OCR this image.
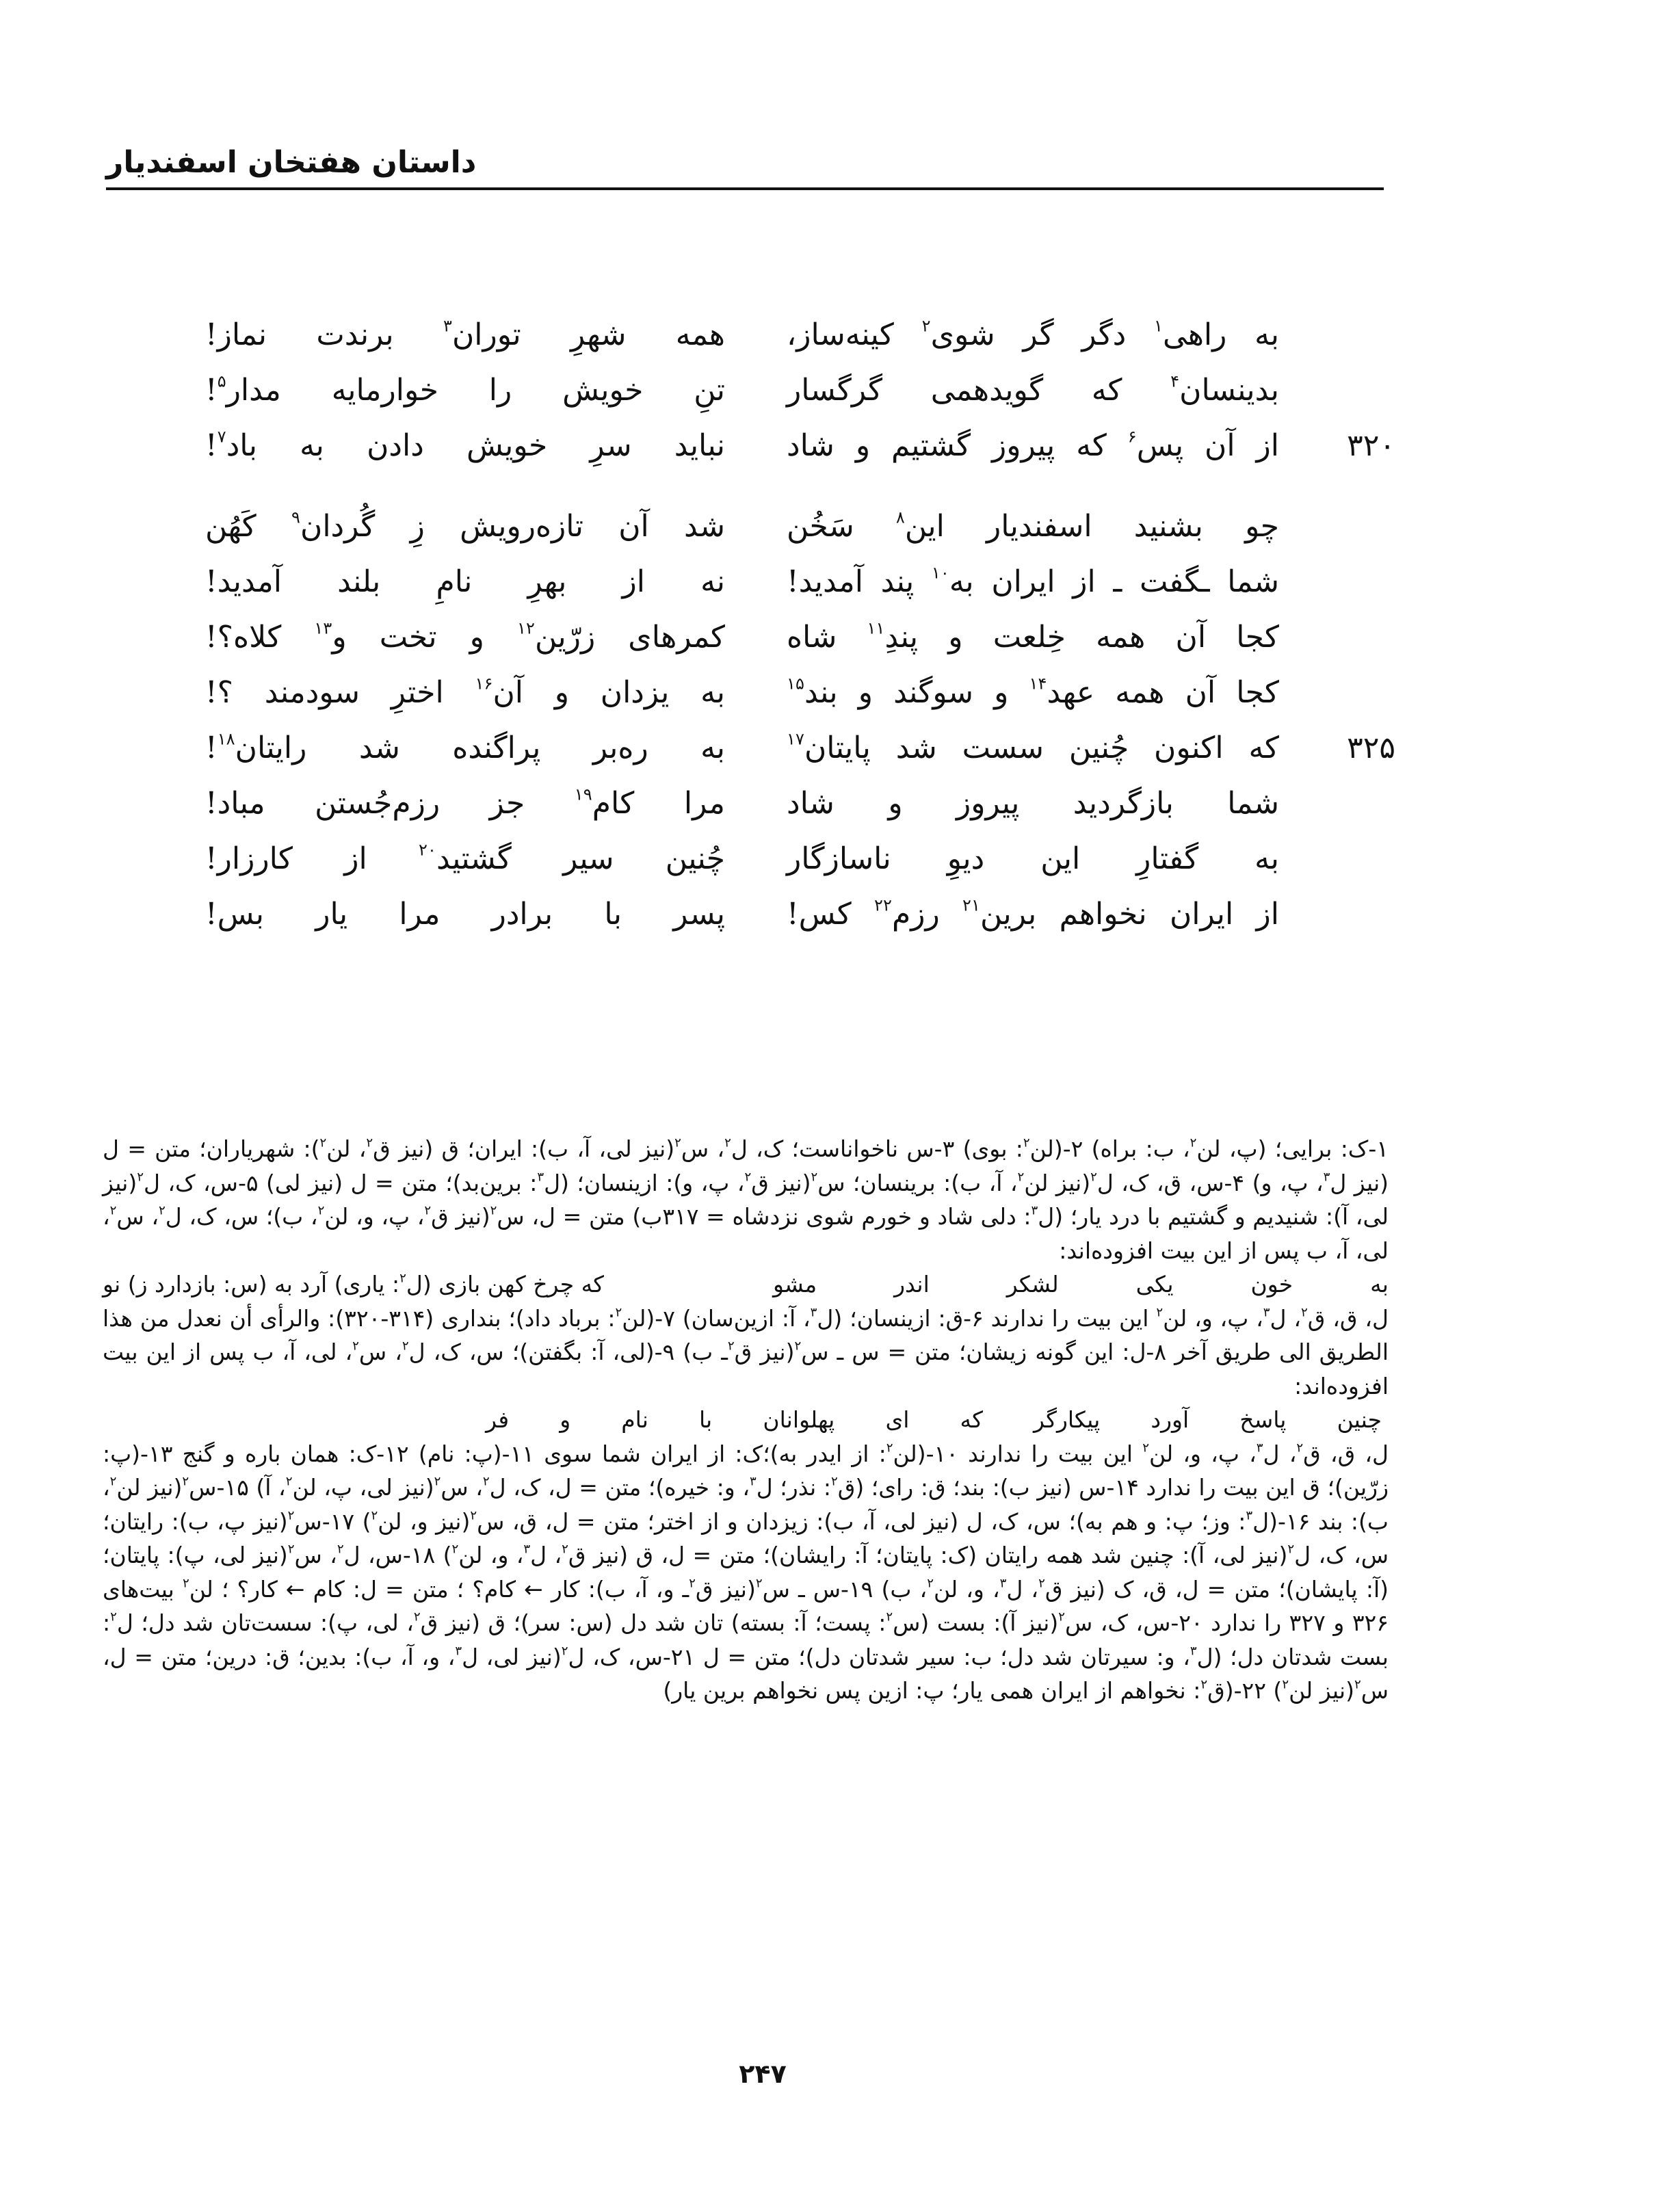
داستان هفتخان اسفندیار
به راهی$^۱$ دگر گر شوی$^۲$ کینه‌ساز،
همه شهرِ توران$^۳$ برندت نماز!
بدینسان$^۴$ که گویدهمی گرگسار
تنِ خویش را خوارمایه مدار$^۵$!
۳۲۰
از آن پس$^۶$ که پیروز گشتیم و شاد
نباید سرِ خویش دادن به باد$^۷$!
چو بشنید اسفندیار این$^۸$ سَخُن
شد آن تازه‌رویش زِ گُردان$^۹$ کَهُن
شما ـگفت ـ از ایران به$^{۱۰}$ پند آمدید!
نه از بهرِ نامِ بلند آمدید!
کجا آن همه خِلعت و پندِ$^{۱۱}$ شاه
کمرهای زرّین$^{۱۲}$ و تخت و$^{۱۳}$ کلاه؟!
کجا آن همه عهد$^{۱۴}$ و سوگند و بند$^{۱۵}$
به یزدان و آن$^{۱۶}$ اخترِ سودمند ؟!
۳۲۵
که اکنون چُنین سست شد پایتان$^{۱۷}$
به ره‌بر پراگنده شد رایتان$^{۱۸}$!
شما بازگردید پیروز و شاد
مرا کام$^{۱۹}$ جز رزم‌جُستن مباد!
به گفتارِ این دیوِ ناسازگار
چُنین سیر گشتید$^{۲۰}$ از کارزار!
از ایران نخواهم برین$^{۲۱}$ رزم$^{۲۲}$ کس!
پسر با برادر مرا یار بس!

۱-ک: برایی؛ (پ، لن$^۲$، ب: براه) ۲-(لن$^۲$: بوی) ۳-س ناخواناست؛ ک، ل$^۲$، س$^۲$(نیز لی، آ، ب): ایران؛ ق (نیز ق$^۲$، لن$^۲$): شهریاران؛ متن = ل (نیز ل$^۳$، پ، و) ۴-س، ق، ک، ل$^۲$(نیز لن$^۲$، آ، ب): برینسان؛ س$^۲$(نیز ق$^۲$، پ، و): ازینسان؛ (ل$^۳$: برین‌بد)؛ متن = ل (نیز لی) ۵-س، ک، ل$^۲$(نیز لی، آ): شنیدیم و گشتیم با درد یار؛ (ل$^۳$: دلی شاد و خورم شوی نزدشاه = ۳۱۷ب) متن = ل، س$^۲$(نیز ق$^۲$، پ، و، لن$^۲$، ب)؛ س، ک، ل$^۲$، س$^۲$، لی، آ، ب پس از این بیت افزوده‌اند:

به
خون
یکی
لشکر
اندر
مشو
که چرخ کهن بازی (ل$^۲$: یاری) آرد به (س: بازدارد ز) نو

ل، ق، ق$^۲$، ل$^۳$، پ، و، لن$^۲$ این بیت را ندارند ۶-ق: ازینسان؛ (ل$^۳$، آ: ازین‌سان) ۷-(لن$^۲$: برباد داد)؛ بنداری (۳۱۴-۳۲۰): والرأی أن نعدل من هذا الطریق الی طریق آخر ۸-ل: این گونه زیشان؛ متن = س ـ س$^۲$(نیز ق$^۲$ـ ب) ۹-(لی، آ: بگفتن)؛ س، ک، ل$^۲$، س$^۲$، لی، آ، ب پس از این بیت افزوده‌اند:

چنین
پاسخ
آورد
پیکارگر
که
ای
پهلوانان
با
نام
و
فر

ل، ق، ق$^۲$، ل$^۳$، پ، و، لن$^۲$ این بیت را ندارند ۱۰-(لن$^۲$: از ایدر به)؛ک: از ایران شما سوی ۱۱-(پ: نام) ۱۲-ک: همان باره و گنج ۱۳-(پ: زرّین)؛ ق این بیت را ندارد ۱۴-س (نیز ب): بند؛ ق: رای؛ (ق$^۲$: نذر؛ ل$^۳$، و: خیره)؛ متن = ل، ک، ل$^۲$، س$^۲$(نیز لی، پ، لن$^۲$، آ) ۱۵-س$^۲$(نیز لن$^۲$، ب): بند ۱۶-(ل$^۳$: وز؛ پ: و هم به)؛ س، ک، ل (نیز لی، آ، ب): زیزدان و از اختر؛ متن = ل، ق، س$^۲$(نیز و، لن$^۲$) ۱۷-س$^۲$(نیز پ، ب): رایتان؛ س، ک، ل$^۲$(نیز لی، آ): چنین شد همه رایتان (ک: پایتان؛ آ: رایشان)؛ متن = ل، ق (نیز ق$^۲$، ل$^۳$، و، لن$^۲$) ۱۸-س، ل$^۲$، س$^۲$(نیز لی، پ): پایتان؛ (آ: پایشان)؛ متن = ل، ق، ک (نیز ق$^۲$، ل$^۳$، و، لن$^۲$، ب) ۱۹-س ـ س$^۲$(نیز ق$^۲$ـ و، آ، ب): کار ← کام؟ ؛ متن = ل: کام ← کار؟ ؛ لن$^۲$ بیت‌های ۳۲۶ و ۳۲۷ را ندارد ۲۰-س، ک، س$^۲$(نیز آ): بست (س$^۲$: پست؛ آ: بسته) تان شد دل (س: سر)؛ ق (نیز ق$^۲$، لی، پ): سست‌تان شد دل؛ ل$^۲$: بست شدتان دل؛ (ل$^۳$، و: سیرتان شد دل؛ ب: سیر شدتان دل)؛ متن = ل ۲۱-س، ک، ل$^۲$(نیز لی، ل$^۳$، و، آ، ب): بدین؛ ق: درین؛ متن = ل، س$^۲$(نیز لن$^۲$) ۲۲-(ق$^۲$: نخواهم از ایران همی یار؛ پ: ازین پس نخواهم برین یار)

۲۴۷
